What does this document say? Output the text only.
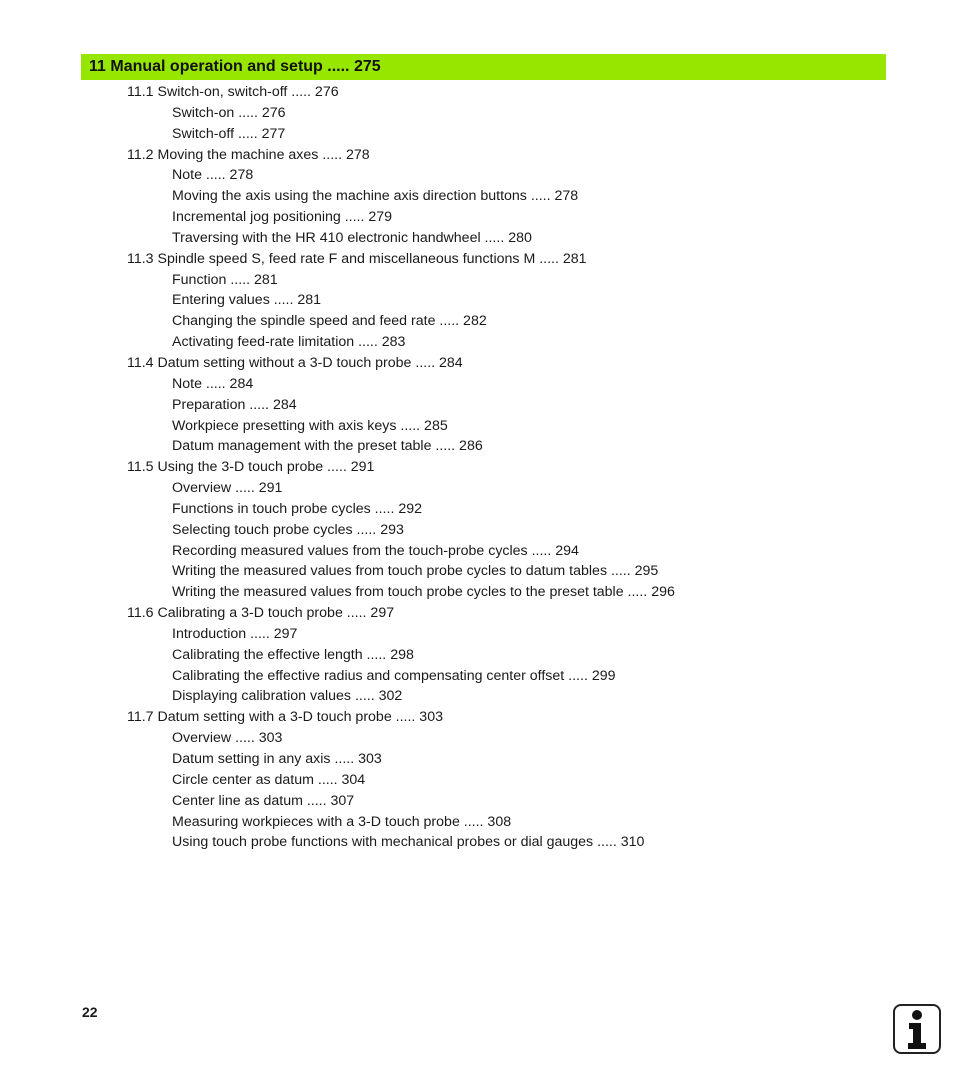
11 Manual operation and setup ..... 275
11.1 Switch-on, switch-off ..... 276
Switch-on ..... 276
Switch-off ..... 277
11.2 Moving the machine axes ..... 278
Note ..... 278
Moving the axis using the machine axis direction buttons ..... 278
Incremental jog positioning ..... 279
Traversing with the HR 410 electronic handwheel ..... 280
11.3 Spindle speed S, feed rate F and miscellaneous functions M ..... 281
Function ..... 281
Entering values ..... 281
Changing the spindle speed and feed rate ..... 282
Activating feed-rate limitation ..... 283
11.4 Datum setting without a 3-D touch probe ..... 284
Note ..... 284
Preparation ..... 284
Workpiece presetting with axis keys ..... 285
Datum management with the preset table ..... 286
11.5 Using the 3-D touch probe ..... 291
Overview ..... 291
Functions in touch probe cycles ..... 292
Selecting touch probe cycles ..... 293
Recording measured values from the touch-probe cycles ..... 294
Writing the measured values from touch probe cycles to datum tables ..... 295
Writing the measured values from touch probe cycles to the preset table ..... 296
11.6 Calibrating a 3-D touch probe ..... 297
Introduction ..... 297
Calibrating the effective length ..... 298
Calibrating the effective radius and compensating center offset ..... 299
Displaying calibration values ..... 302
11.7 Datum setting with a 3-D touch probe ..... 303
Overview ..... 303
Datum setting in any axis ..... 303
Circle center as datum ..... 304
Center line as datum ..... 307
Measuring workpieces with a 3-D touch probe ..... 308
Using touch probe functions with mechanical probes or dial gauges ..... 310
22
